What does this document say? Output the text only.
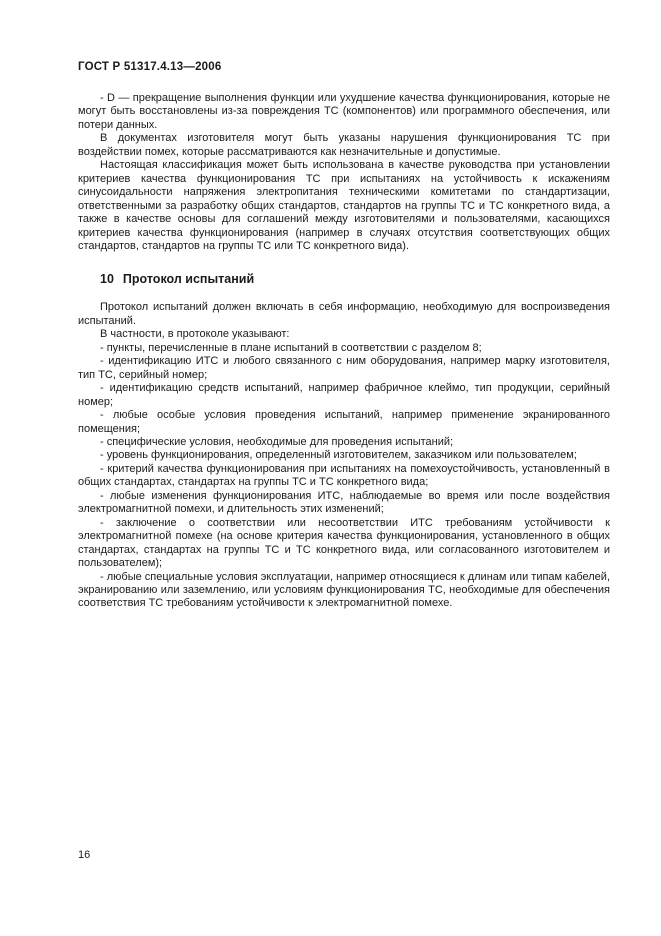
ГОСТ Р 51317.4.13—2006

- D — прекращение выполнения функции или ухудшение качества функционирования, которые не могут быть восстановлены из-за повреждения ТС (компонентов) или программного обеспечения, или потери данных.

В документах изготовителя могут быть указаны нарушения функционирования ТС при воздействии помех, которые рассматриваются как незначительные и допустимые.

Настоящая классификация может быть использована в качестве руководства при установлении критериев качества функционирования ТС при испытаниях на устойчивость к искажениям синусоидальности напряжения электропитания техническими комитетами по стандартизации, ответственными за разработку общих стандартов, стандартов на группы ТС и ТС конкретного вида, а также в качестве основы для соглашений между изготовителями и пользователями, касающихся критериев качества функционирования (например в случаях отсутствия соответствующих общих стандартов, стандартов на группы ТС или ТС конкретного вида).

10 Протокол испытаний

Протокол испытаний должен включать в себя информацию, необходимую для воспроизведения испытаний.

В частности, в протоколе указывают:

- пункты, перечисленные в плане испытаний в соответствии с разделом 8;

- идентификацию ИТС и любого связанного с ним оборудования, например марку изготовителя, тип ТС, серийный номер;

- идентификацию средств испытаний, например фабричное клеймо, тип продукции, серийный номер;

- любые особые условия проведения испытаний, например применение экранированного помещения;

- специфические условия, необходимые для проведения испытаний;

- уровень функционирования, определенный изготовителем, заказчиком или пользователем;

- критерий качества функционирования при испытаниях на помехоустойчивость, установленный в общих стандартах, стандартах на группы ТС и ТС конкретного вида;

- любые изменения функционирования ИТС, наблюдаемые во время или после воздействия электромагнитной помехи, и длительность этих изменений;

- заключение о соответствии или несоответствии ИТС требованиям устойчивости к электромагнитной помехе (на основе критерия качества функционирования, установленного в общих стандартах, стандартах на группы ТС и ТС конкретного вида, или согласованного изготовителем и пользователем);

- любые специальные условия эксплуатации, например относящиеся к длинам или типам кабелей, экранированию или заземлению, или условиям функционирования ТС, необходимые для обеспечения соответствия ТС требованиям устойчивости к электромагнитной помехе.

16
